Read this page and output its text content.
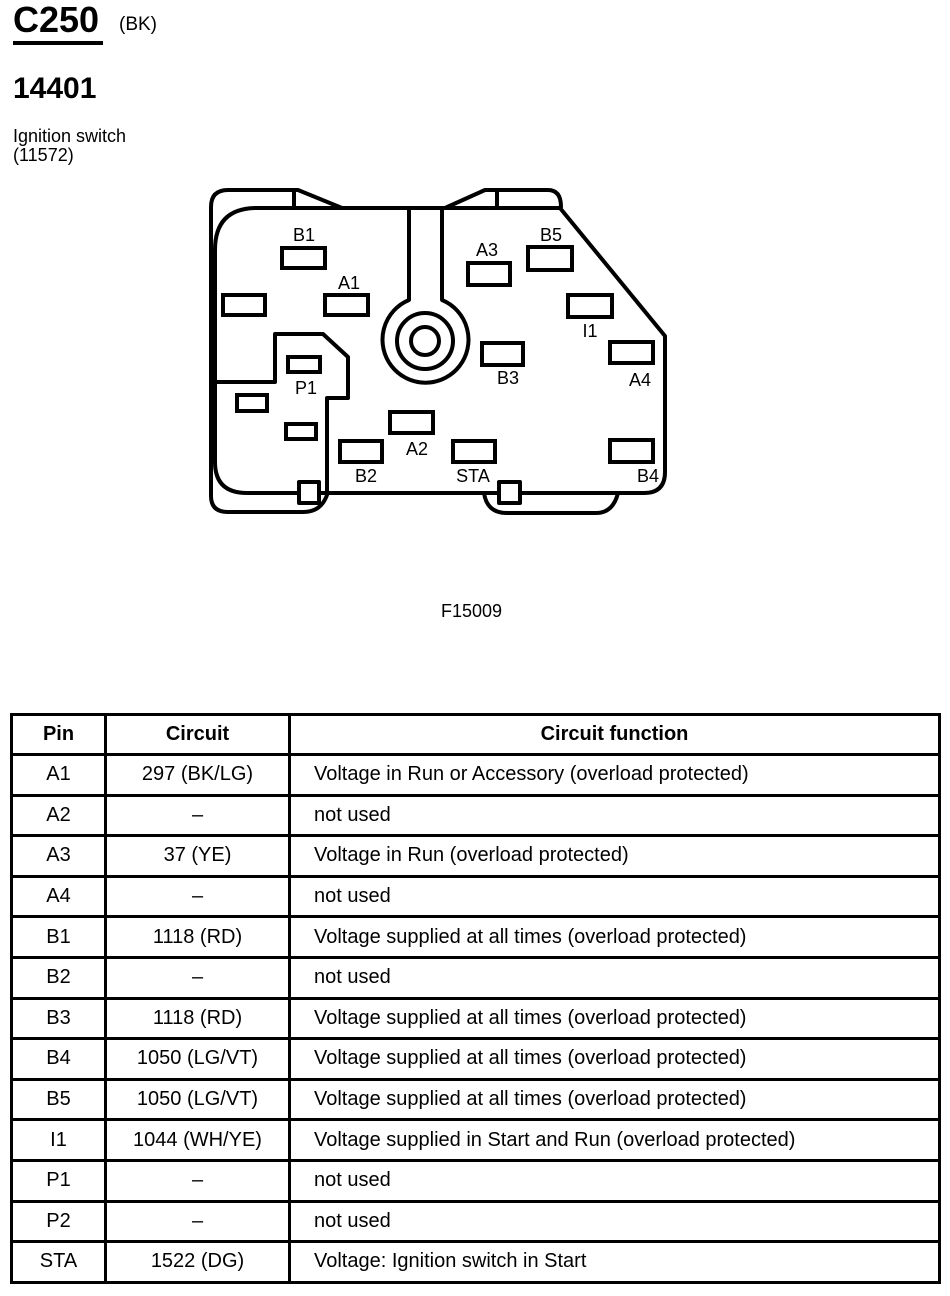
C250 (BK)
14401
Ignition switch
(11572)
B1
A1
A3
B5
I1
A4
B3
P1
A2
B2	STA	B4
F15009
Pin	Circuit	Circuit function
A1	297 (BK/LG)	Voltage in Run or Accessory (overload protected)
A2	–	not used
A3	37 (YE)	Voltage in Run (overload protected)
A4	–	not used
B1	1118 (RD)	Voltage supplied at all times (overload protected)
B2	–	not used
B3	1118 (RD)	Voltage supplied at all times (overload protected)
B4	1050 (LG/VT)	Voltage supplied at all times (overload protected)
B5	1050 (LG/VT)	Voltage supplied at all times (overload protected)
I1	1044 (WH/YE)	Voltage supplied in Start and Run (overload protected)
P1	–	not used
P2	–	not used
STA	1522 (DG)	Voltage: Ignition switch in Start
